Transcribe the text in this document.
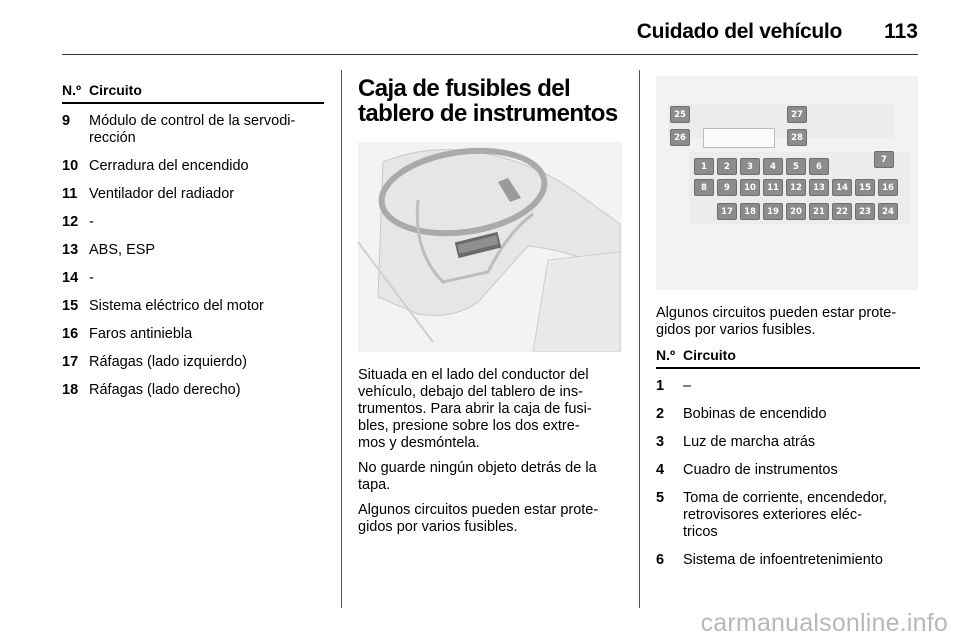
Cuidado del vehículo 113
N.º Circuito
9	Módulo de control de la servodi-
rección
10 Cerradura del encendido
11 Ventilador del radiador
12 -
13 ABS, ESP
14 -
15 Sistema eléctrico del motor
16 Faros antiniebla
17 Ráfagas (lado izquierdo)
18 Ráfagas (lado derecho)
Caja de fusibles del tablero de instrumentos

Situada en el lado del conductor del vehículo, debajo del tablero de ins-
trumentos. Para abrir la caja de fusi-
bles, presione sobre los dos extre-
mos y desmóntela.

No guarde ningún objeto detrás de la tapa.

Algunos circuitos pueden estar prote-
gidos por varios fusibles.

25
26
27
28
1	2	3	4	5	6
7
8	9	10	11	12	13	14	15	16
17	18	19	20	21	22	23	24

Algunos circuitos pueden estar prote-
gidos por varios fusibles.

N.º Circuito
1	–
2	Bobinas de encendido
3	Luz de marcha atrás
4	Cuadro de instrumentos
5	Toma de corriente, encendedor,
retrovisores exteriores eléc-
tricos
6	Sistema de infoentretenimiento
carmanualsonline.info
